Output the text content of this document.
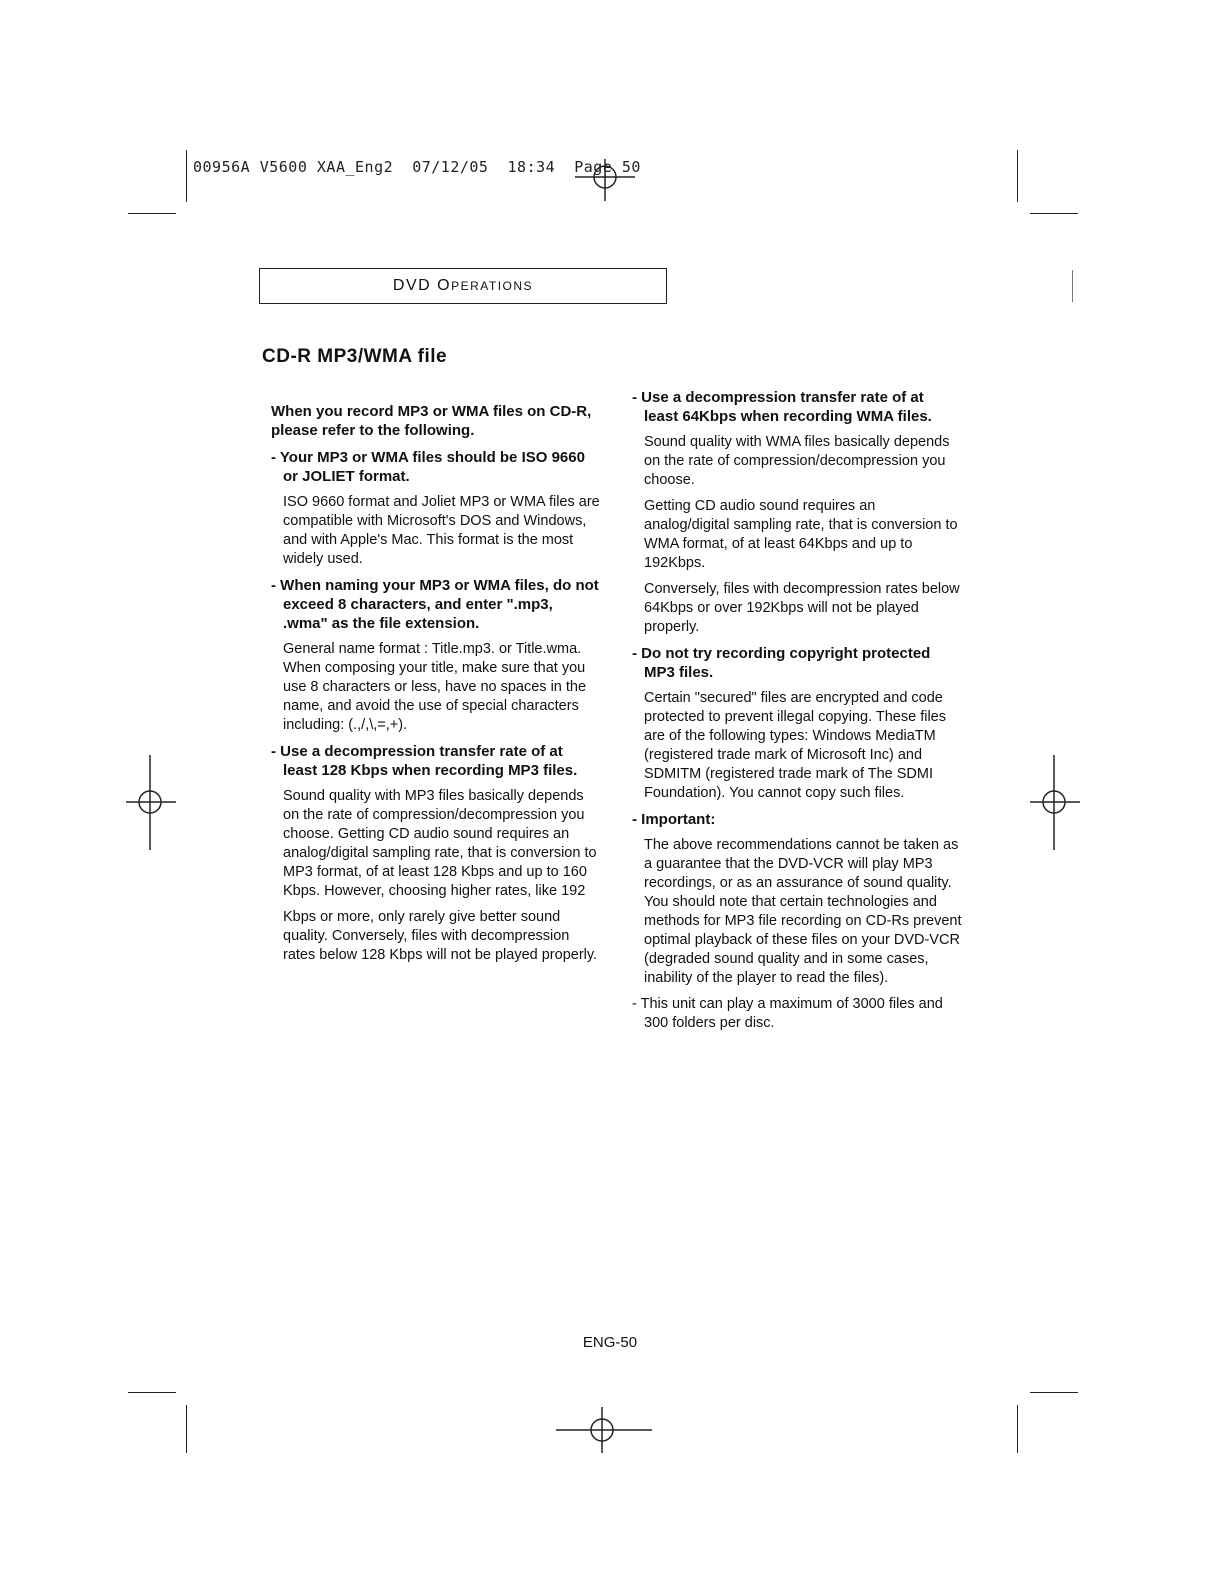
00956A V5600 XAA_Eng2  07/12/05  18:34  Page 50
DVD OPERATIONS
CD-R MP3/WMA file

When you record MP3 or WMA files on CD-R, please refer to the following.

- Your MP3 or WMA files should be ISO 9660 or JOLIET format.

ISO 9660 format and Joliet MP3 or WMA files are compatible with Microsoft's DOS and Windows, and with Apple's Mac. This format is the most widely used.

- When naming your MP3 or WMA files, do not exceed 8 characters, and enter ".mp3, .wma" as the file extension.

General name format : Title.mp3. or Title.wma. When composing your title, make sure that you use 8 characters or less, have no spaces in the name, and avoid the use of special characters including: (.,/,\,=,+).

- Use a decompression transfer rate of at least 128 Kbps when recording MP3 files.

Sound quality with MP3 files basically depends on the rate of compression/decompression you choose. Getting CD audio sound requires an analog/digital sampling rate, that is conversion to MP3 format, of at least 128 Kbps and up to 160 Kbps. However, choosing higher rates, like 192

Kbps or more, only rarely give better sound quality. Conversely, files with decompression rates below 128 Kbps will not be played properly.

- Use a decompression transfer rate of at least 64Kbps when recording WMA files.

Sound quality with WMA files basically depends on the rate of compression/decompression you choose.

Getting CD audio sound requires an analog/digital sampling rate, that is conversion to WMA format, of at least 64Kbps and up to 192Kbps.

Conversely, files with decompression rates below 64Kbps or over 192Kbps will not be played properly.

- Do not try recording copyright protected MP3 files.

Certain "secured" files are encrypted and code protected to prevent illegal copying. These files are of the following types: Windows MediaTM (registered trade mark of Microsoft Inc) and SDMITM (registered trade mark of The SDMI Foundation). You cannot copy such files.

- Important:

The above recommendations cannot be taken as a guarantee that the DVD-VCR will play MP3 recordings, or as an assurance of sound quality. You should note that certain technologies and methods for MP3 file recording on CD-Rs prevent optimal playback of these files on your DVD-VCR (degraded sound quality and in some cases, inability of the player to read the files).

- This unit can play a maximum of 3000 files and 300 folders per disc.

ENG-50
